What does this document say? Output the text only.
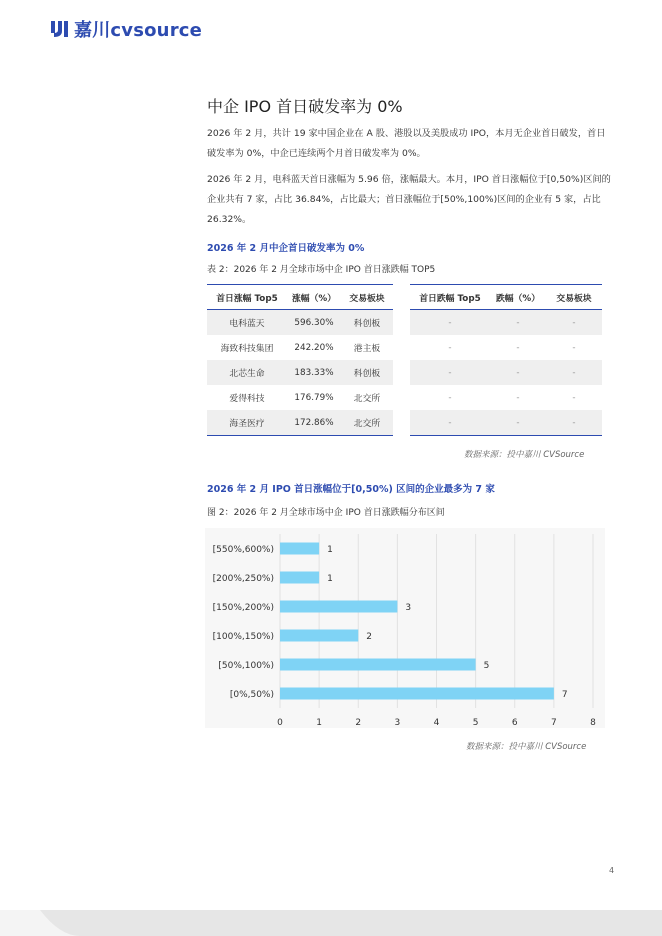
嘉川cvsource
中企 IPO 首日破发率为 0%
2026 年 2 月，共计 19 家中国企业在 A 股、港股以及美股成功 IPO，本月无企业首日破发，首日破发率为 0%，中企已连续两个月首日破发率为 0%。
2026 年 2 月，电科蓝天首日涨幅为 5.96 倍，涨幅最大。本月，IPO 首日涨幅位于[0,50%)区间的企业共有 7 家，占比 36.84%，占比最大；首日涨幅位于[50%,100%)区间的企业有 5 家，占比 26.32%。
2026 年 2 月中企首日破发率为 0%
表 2：2026 年 2 月全球市场中企 IPO 首日涨跌幅 TOP5
首日涨幅 Top5	涨幅（%）	交易板块
电科蓝天	596.30%	科创板
海致科技集团	242.20%	港主板
北芯生命	183.33%	科创板
爱得科技	176.79%	北交所
海圣医疗	172.86%	北交所
首日跌幅 Top5	跌幅（%）	交易板块
-	-	-
-	-	-
-	-	-
-	-	-
-	-	-
数据来源：投中嘉川 CVSource
2026 年 2 月 IPO 首日涨幅位于[0,50%) 区间的企业最多为 7 家
图 2：2026 年 2 月全球市场中企 IPO 首日涨跌幅分布区间
[550%,600%)	1
[200%,250%)	1
[150%,200%)	3
[100%,150%)	2
[50%,100%)	5
[0%,50%)	7
0	1	2	3	4	5	6	7	8
数据来源：投中嘉川 CVSource
4
